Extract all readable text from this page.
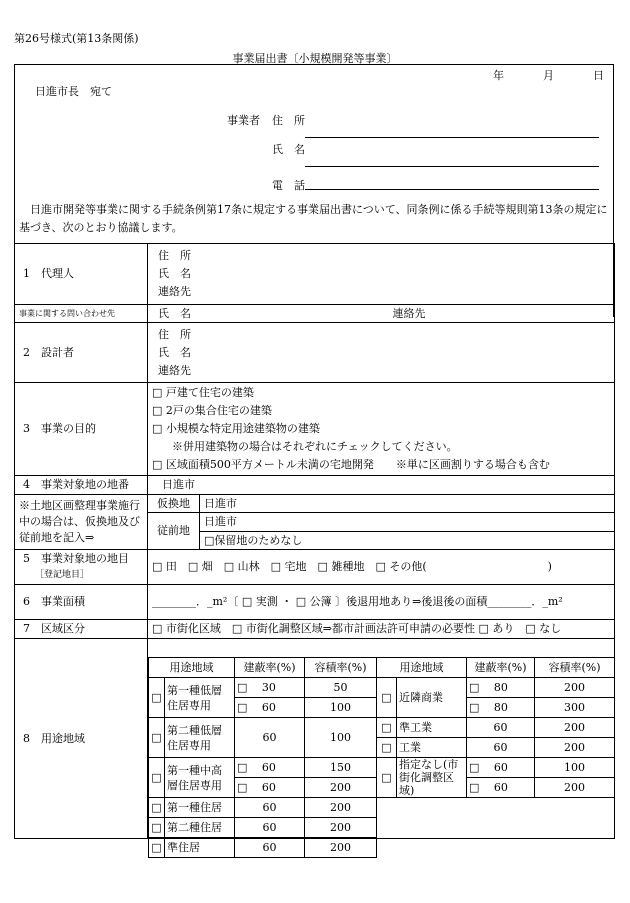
第26号様式(第13条関係)
事業届出書〔小規模開発等事業〕
年	月	日
日進市長　宛て
事業者 住　所
氏　名
電　話
日進市開発等事業に関する手続条例第17条に規定する事業届出書について、同条例に係る手続等規則第13条の規定に基づき、次のとおり協議します。
1　代理人	住　所
氏　名
連絡先	

事業に関する問い合わせ先	氏　名 連絡先	
2　設計者	住　所
氏　名
連絡先	

3　事業の目的	□ 戸建て住宅の建築
□ 2戸の集合住宅の建築
□ 小規模な特定用途建築物の建築
※併用建築物の場合はそれぞれにチェックしてください。
□ 区域面積500平方メートル未満の宅地開発 ※単に区画割りする場合も含む	

4　事業対象地の地番	日進市	
※土地区画整理事業施行中の場合は、仮換地及び従前地を記入⇒	仮換地	日進市
	従前地	日進市
		□保留地のためなし
5　事業対象地の地目
［登記地目］	□ 田　□ 畑　□ 山林　□ 宅地　□ 雑種地　□ その他(　　　　　　　　　　　)	
6　事業面積	________．_m²〔 □ 実測 ・ □ 公簿 〕後退用地あり⇒後退後の面積________．_m²	
7　区域区分	□ 市街化区域　□ 市街化調整区域⇒都市計画法許可申請の必要性 □ あり　□ なし	
8　用途地域		
用途地域		建蔽率(%)	容積率(%)	用途地域		建蔽率(%)	容積率(%)
□	第一種低層住居専用	□　 30	50	□	近隣商業	□　 80	200
		□　 60	100			□　 80	300
□	第二種低層住居専用	60	100	□	準工業	60	200
				□	工業	60	200
□	第一種中高層住居専用	□　 60	150	□	指定なし(市街化調整区域)	□　 60	100
		□　 60	200			□　 60	200
□	第一種住居	60	200				
□	第二種住居	60	200				
□	準住居	60	200				
